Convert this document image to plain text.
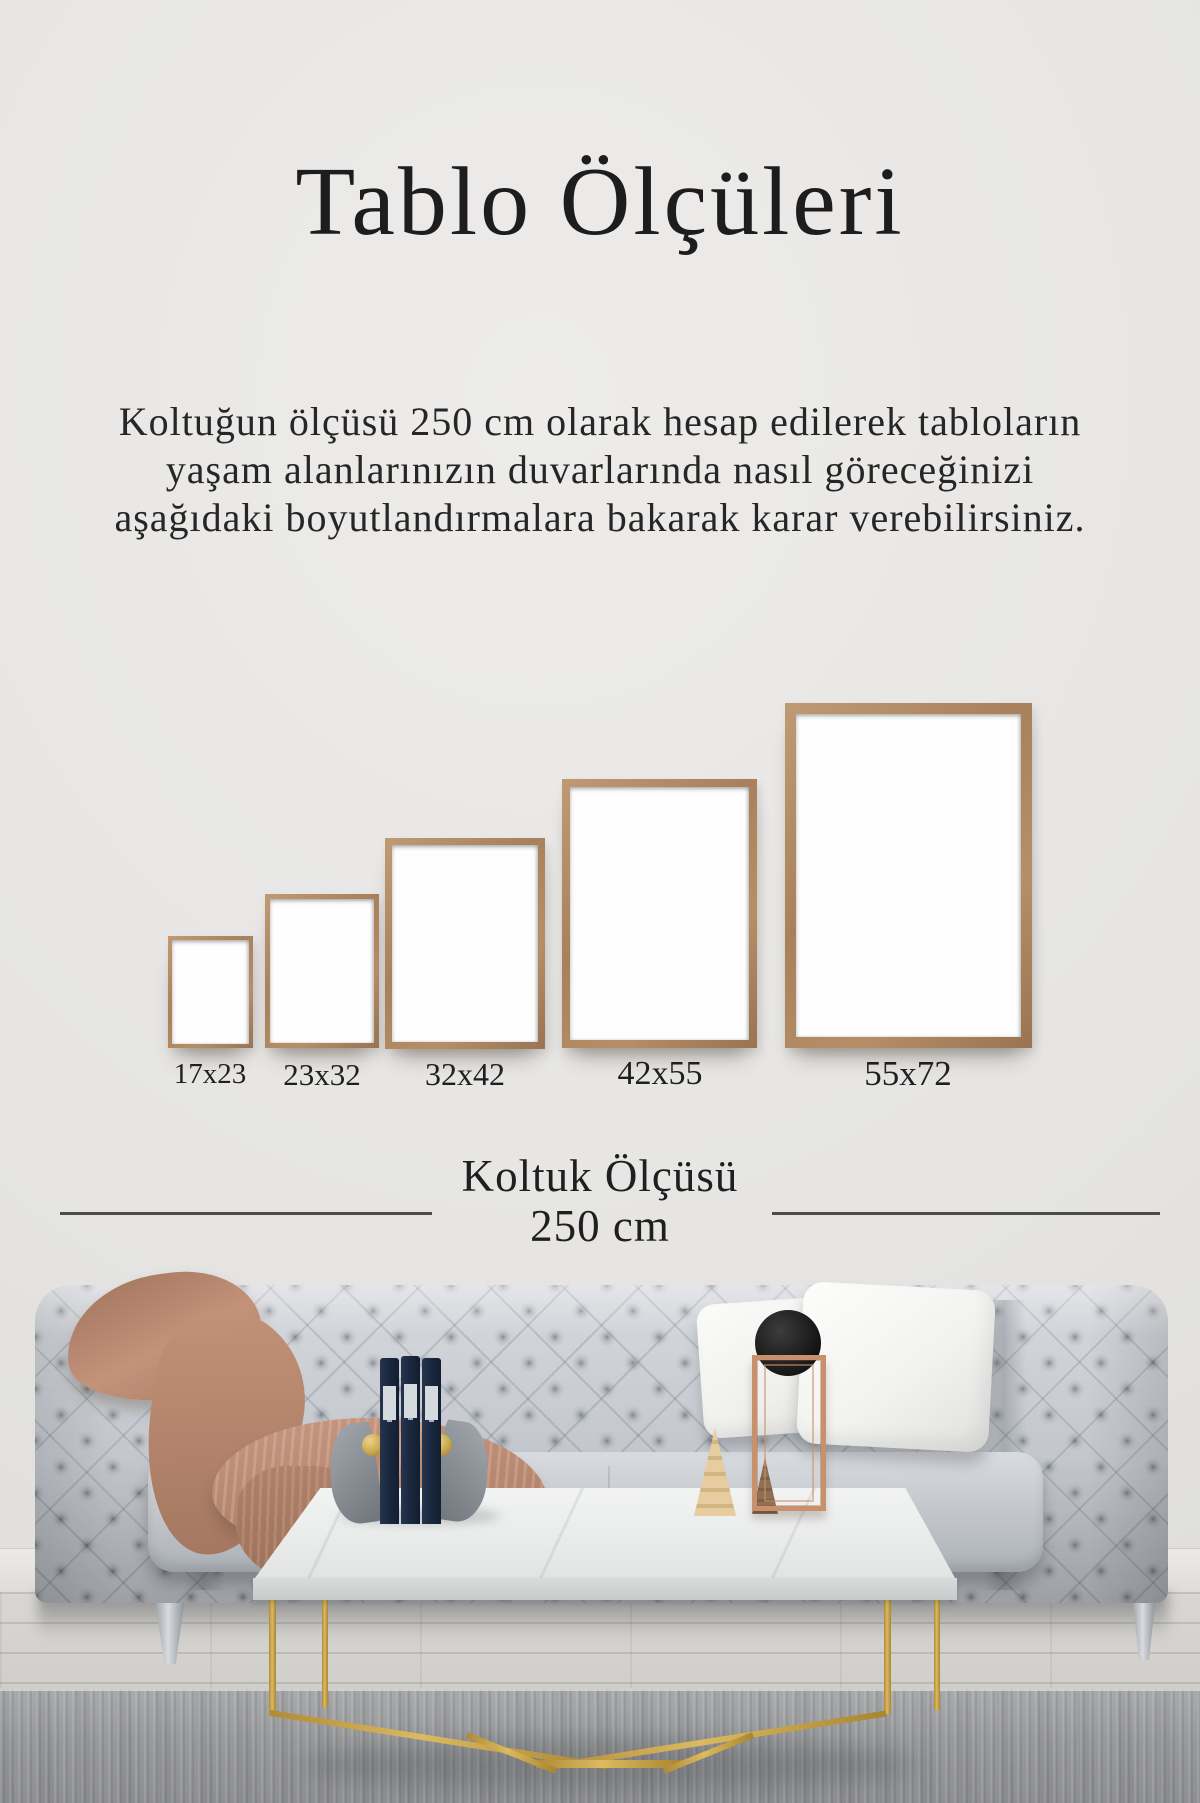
Tablo Ölçüleri
Koltuğun ölçüsü 250 cm olarak hesap edilerek tabloların
yaşam alanlarınızın duvarlarında nasıl göreceğinizi
aşağıdaki boyutlandırmalara bakarak karar verebilirsiniz.
17x23	23x32	32x42	42x55	55x72
Koltuk Ölçüsü
250 cm
